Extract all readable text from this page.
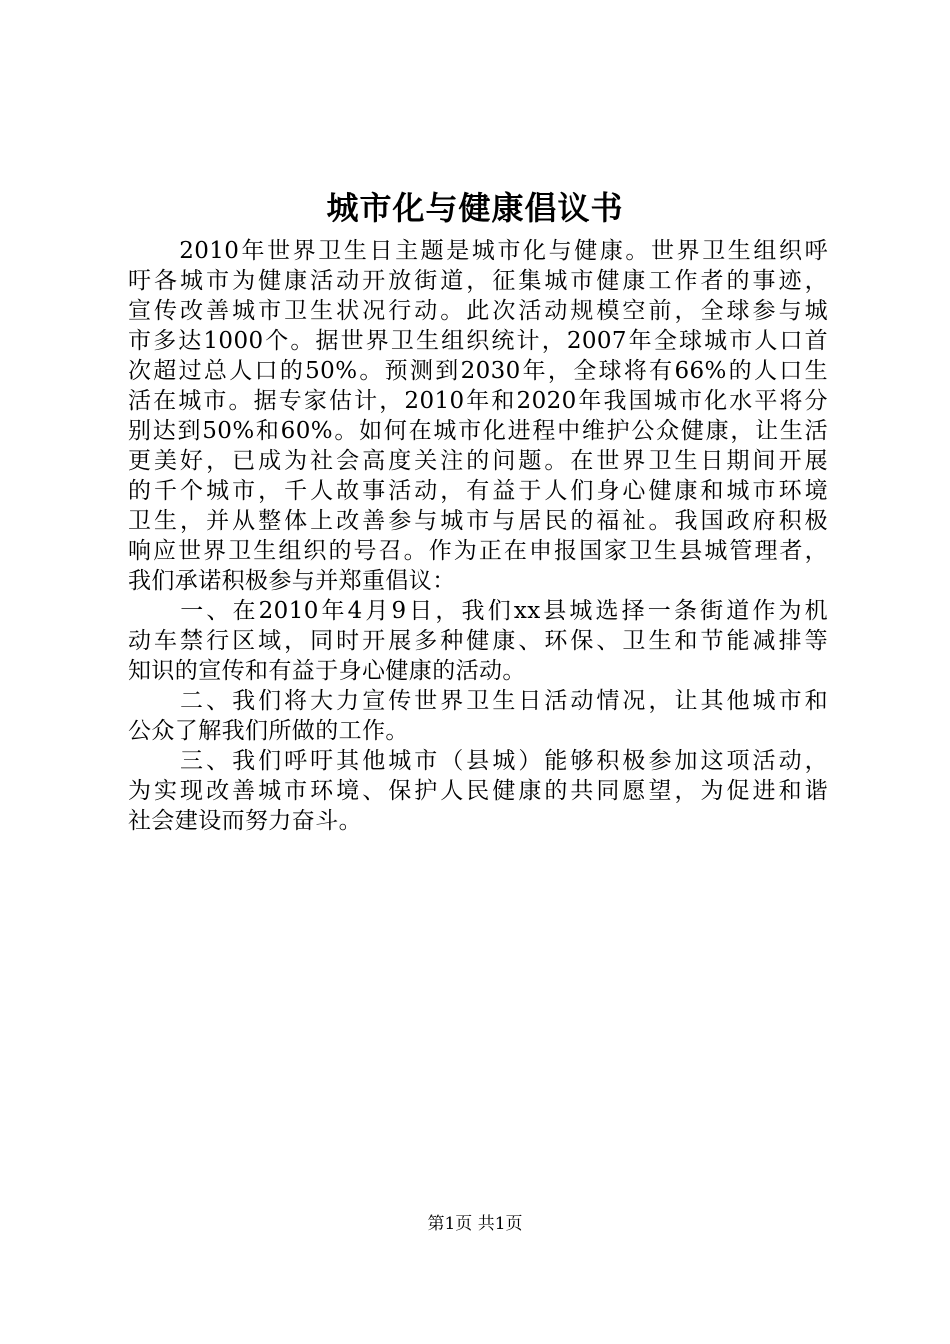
城市化与健康倡议书
　　2010年世界卫生日主题是城市化与健康。世界卫生组织呼
吁各城市为健康活动开放街道，征集城市健康工作者的事迹，
宣传改善城市卫生状况行动。此次活动规模空前，全球参与城
市多达1000个。据世界卫生组织统计，2007年全球城市人口首
次超过总人口的50%。预测到2030年，全球将有66%的人口生
活在城市。据专家估计，2010年和2020年我国城市化水平将分
别达到50%和60%。如何在城市化进程中维护公众健康，让生活
更美好，已成为社会高度关注的问题。在世界卫生日期间开展
的千个城市，千人故事活动，有益于人们身心健康和城市环境
卫生，并从整体上改善参与城市与居民的福祉。我国政府积极
响应世界卫生组织的号召。作为正在申报国家卫生县城管理者，
我们承诺积极参与并郑重倡议：
　　一、在2010年4月9日，我们xx县城选择一条街道作为机
动车禁行区域，同时开展多种健康、环保、卫生和节能减排等
知识的宣传和有益于身心健康的活动。
　　二、我们将大力宣传世界卫生日活动情况，让其他城市和
公众了解我们所做的工作。
　　三、我们呼吁其他城市（县城）能够积极参加这项活动，
为实现改善城市环境、保护人民健康的共同愿望，为促进和谐
社会建设而努力奋斗。
第1页 共1页
